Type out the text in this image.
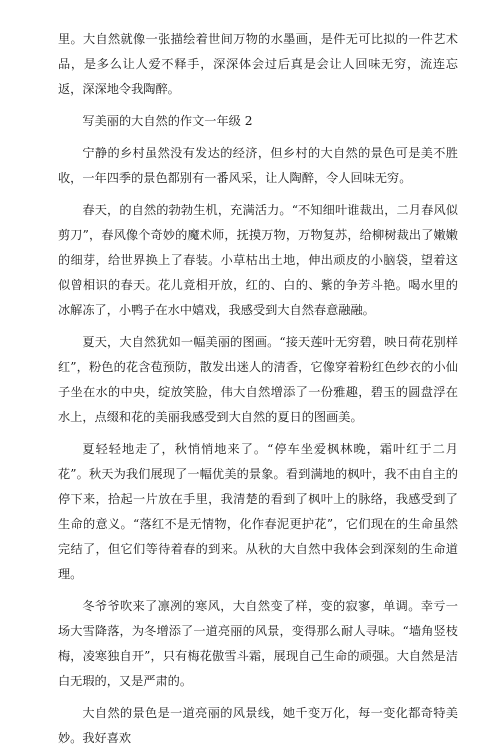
里。大自然就像一张描绘着世间万物的水墨画，是件无可比拟的一件艺术品，是多么让人爱不释手，深深体会过后真是会让人回味无穷，流连忘返，深深地令我陶醉。

写美丽的大自然的作文一年级 2

宁静的乡村虽然没有发达的经济，但乡村的大自然的景色可是美不胜收，一年四季的景色都别有一番风采，让人陶醉，令人回味无穷。

春天，的自然的勃勃生机，充满活力。“不知细叶谁裁出，二月春风似剪刀”，春风像个奇妙的魔术师，抚摸万物，万物复苏，给柳树裁出了嫩嫩的细芽，给世界换上了春装。小草枯出土地，伸出顽皮的小脑袋，望着这似曾相识的春天。花儿竟相开放，红的、白的、紫的争芳斗艳。喝水里的冰解冻了，小鸭子在水中嬉戏，我感受到大自然春意融融。

夏天，大自然犹如一幅美丽的图画。“接天莲叶无穷碧，映日荷花别样红”，粉色的花含苞预防，散发出迷人的清香，它像穿着粉红色纱衣的小仙子坐在水的中央，绽放笑脸，伟大自然增添了一份雅趣，碧玉的圆盘浮在水上，点缀和花的美丽我感受到大自然的夏日的图画美。

夏轻轻地走了，秋悄悄地来了。“停车坐爱枫林晚，霜叶红于二月花”。秋天为我们展现了一幅优美的景象。看到满地的枫叶，我不由自主的停下来，拾起一片放在手里，我清楚的看到了枫叶上的脉络，我感受到了生命的意义。“落红不是无情物，化作春泥更护花”，它们现在的生命虽然完结了，但它们等待着春的到来。从秋的大自然中我体会到深刻的生命道理。

冬爷爷吹来了凛冽的寒风，大自然变了样，变的寂寥，单调。幸亏一场大雪降落，为冬增添了一道亮丽的风景，变得那么耐人寻味。“墙角竖枝梅，凌寒独自开”，只有梅花傲雪斗霜，展现自己生命的顽强。大自然是洁白无瑕的，又是严肃的。

大自然的景色是一道亮丽的风景线，她千变万化，每一变化都奇特美妙。我好喜欢
